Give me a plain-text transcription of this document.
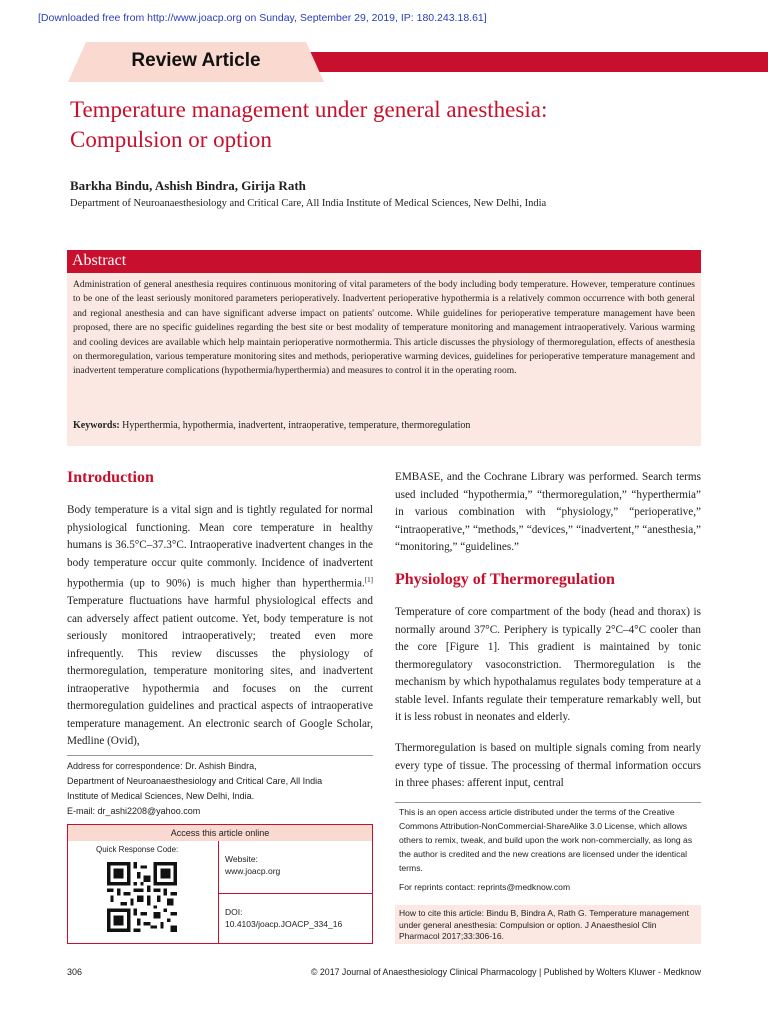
[Downloaded free from http://www.joacp.org on Sunday, September 29, 2019, IP: 180.243.18.61]
Review Article
Temperature management under general anesthesia:
Compulsion or option
Barkha Bindu, Ashish Bindra, Girija Rath
Department of Neuroanaesthesiology and Critical Care, All India Institute of Medical Sciences, New Delhi, India
Abstract
Administration of general anesthesia requires continuous monitoring of vital parameters of the body including body temperature. However, temperature continues to be one of the least seriously monitored parameters perioperatively. Inadvertent perioperative hypothermia is a relatively common occurrence with both general and regional anesthesia and can have significant adverse impact on patients' outcome. While guidelines for perioperative temperature management have been proposed, there are no specific guidelines regarding the best site or best modality of temperature monitoring and management intraoperatively. Various warming and cooling devices are available which help maintain perioperative normothermia. This article discusses the physiology of thermoregulation, effects of anesthesia on thermoregulation, various temperature monitoring sites and methods, perioperative warming devices, guidelines for perioperative temperature management and inadvertent temperature complications (hypothermia/hyperthermia) and measures to control it in the operating room.
Keywords: Hyperthermia, hypothermia, inadvertent, intraoperative, temperature, thermoregulation
Introduction
Body temperature is a vital sign and is tightly regulated for normal physiological functioning. Mean core temperature in healthy humans is 36.5°C–37.3°C. Intraoperative inadvertent changes in the body temperature occur quite commonly. Incidence of inadvertent hypothermia (up to 90%) is much higher than hyperthermia.[1] Temperature fluctuations have harmful physiological effects and can adversely affect patient outcome. Yet, body temperature is not seriously monitored intraoperatively; treated even more infrequently. This review discusses the physiology of thermoregulation, temperature monitoring sites, and inadvertent intraoperative hypothermia and focuses on the current thermoregulation guidelines and practical aspects of intraoperative temperature management. An electronic search of Google Scholar, Medline (Ovid),
EMBASE, and the Cochrane Library was performed. Search terms used included “hypothermia,” “thermoregulation,” “hyperthermia” in various combination with “physiology,” “perioperative,” “intraoperative,” “methods,” “devices,” “inadvertent,” “anesthesia,” “monitoring,” “guidelines.”
Physiology of Thermoregulation
Temperature of core compartment of the body (head and thorax) is normally around 37°C. Periphery is typically 2°C–4°C cooler than the core [Figure 1]. This gradient is maintained by tonic thermoregulatory vasoconstriction. Thermoregulation is the mechanism by which hypothalamus regulates body temperature at a stable level. Infants regulate their temperature remarkably well, but it is less robust in neonates and elderly.
Thermoregulation is based on multiple signals coming from nearly every type of tissue. The processing of thermal information occurs in three phases: afferent input, central
Address for correspondence: Dr. Ashish Bindra,
Department of Neuroanaesthesiology and Critical Care, All India
Institute of Medical Sciences, New Delhi, India.
E-mail: dr_ashi2208@yahoo.com
Access this article online
Quick Response Code:
Website:
www.joacp.org
DOI:
10.4103/joacp.JOACP_334_16
This is an open access article distributed under the terms of the Creative Commons Attribution-NonCommercial-ShareAlike 3.0 License, which allows others to remix, tweak, and build upon the work non-commercially, as long as the author is credited and the new creations are licensed under the identical terms.
For reprints contact: reprints@medknow.com
How to cite this article: Bindu B, Bindra A, Rath G. Temperature management under general anesthesia: Compulsion or option. J Anaesthesiol Clin Pharmacol 2017;33:306-16.
306	© 2017 Journal of Anaesthesiology Clinical Pharmacology | Published by Wolters Kluwer - Medknow
